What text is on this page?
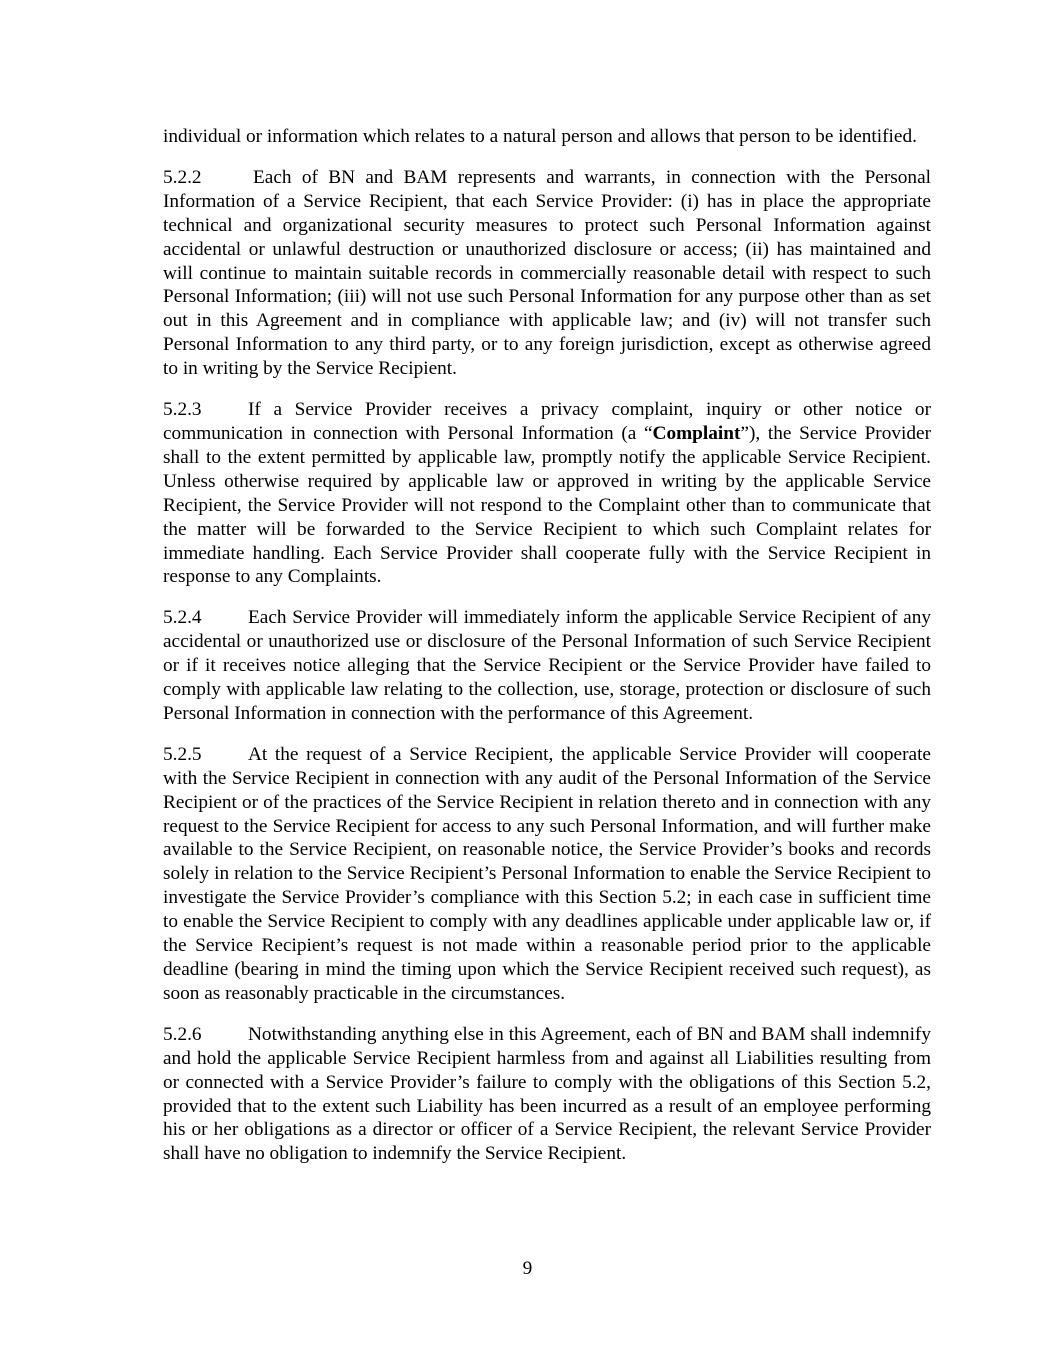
individual or information which relates to a natural person and allows that person to be identified.

5.2.2	Each of BN and BAM represents and warrants, in connection with the Personal Information of a Service Recipient, that each Service Provider: (i) has in place the appropriate technical and organizational security measures to protect such Personal Information against accidental or unlawful destruction or unauthorized disclosure or access; (ii) has maintained and will continue to maintain suitable records in commercially reasonable detail with respect to such Personal Information; (iii) will not use such Personal Information for any purpose other than as set out in this Agreement and in compliance with applicable law; and (iv) will not transfer such Personal Information to any third party, or to any foreign jurisdiction, except as otherwise agreed to in writing by the Service Recipient.

5.2.3 If a Service Provider receives a privacy complaint, inquiry or other notice or communication in connection with Personal Information (a “Complaint”), the Service Provider shall to the extent permitted by applicable law, promptly notify the applicable Service Recipient. Unless otherwise required by applicable law or approved in writing by the applicable Service Recipient, the Service Provider will not respond to the Complaint other than to communicate that the matter will be forwarded to the Service Recipient to which such Complaint relates for immediate handling. Each Service Provider shall cooperate fully with the Service Recipient in response to any Complaints.

5.2.4 Each Service Provider will immediately inform the applicable Service Recipient of any accidental or unauthorized use or disclosure of the Personal Information of such Service Recipient or if it receives notice alleging that the Service Recipient or the Service Provider have failed to comply with applicable law relating to the collection, use, storage, protection or disclosure of such Personal Information in connection with the performance of this Agreement.

5.2.5 At the request of a Service Recipient, the applicable Service Provider will cooperate with the Service Recipient in connection with any audit of the Personal Information of the Service Recipient or of the practices of the Service Recipient in relation thereto and in connection with any request to the Service Recipient for access to any such Personal Information, and will further make available to the Service Recipient, on reasonable notice, the Service Provider’s books and records solely in relation to the Service Recipient’s Personal Information to enable the Service Recipient to investigate the Service Provider’s compliance with this Section 5.2; in each case in sufficient time to enable the Service Recipient to comply with any deadlines applicable under applicable law or, if the Service Recipient’s request is not made within a reasonable period prior to the applicable deadline (bearing in mind the timing upon which the Service Recipient received such request), as soon as reasonably practicable in the circumstances.

5.2.6 Notwithstanding anything else in this Agreement, each of BN and BAM shall indemnify and hold the applicable Service Recipient harmless from and against all Liabilities resulting from or connected with a Service Provider’s failure to comply with the obligations of this Section 5.2, provided that to the extent such Liability has been incurred as a result of an employee performing his or her obligations as a director or officer of a Service Recipient, the relevant Service Provider shall have no obligation to indemnify the Service Recipient.

9
